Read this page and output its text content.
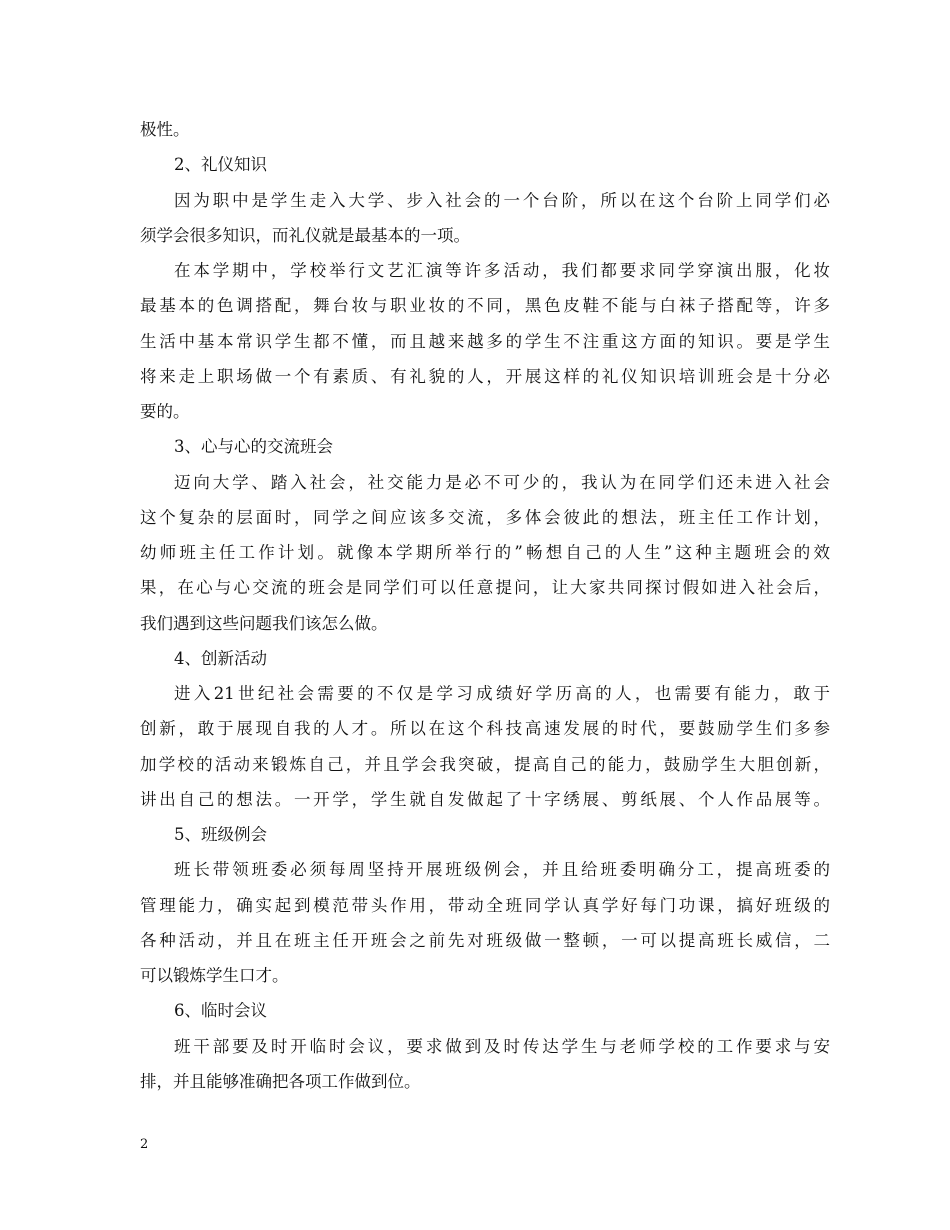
极性。
2、礼仪知识
因为职中是学生走入大学、步入社会的一个台阶，所以在这个台阶上同学们必
须学会很多知识，而礼仪就是最基本的一项。
在本学期中，学校举行文艺汇演等许多活动，我们都要求同学穿演出服，化妆
最基本的色调搭配，舞台妆与职业妆的不同，黑色皮鞋不能与白袜子搭配等，许多
生活中基本常识学生都不懂，而且越来越多的学生不注重这方面的知识。要是学生
将来走上职场做一个有素质、有礼貌的人，开展这样的礼仪知识培训班会是十分必
要的。
3、心与心的交流班会
迈向大学、踏入社会，社交能力是必不可少的，我认为在同学们还未进入社会
这个复杂的层面时，同学之间应该多交流，多体会彼此的想法，班主任工作计划，
幼师班主任工作计划。就像本学期所举行的”畅想自己的人生”这种主题班会的效
果，在心与心交流的班会是同学们可以任意提问，让大家共同探讨假如进入社会后，
我们遇到这些问题我们该怎么做。
4、创新活动
进入21世纪社会需要的不仅是学习成绩好学历高的人，也需要有能力，敢于
创新，敢于展现自我的人才。所以在这个科技高速发展的时代，要鼓励学生们多参
加学校的活动来锻炼自己，并且学会我突破，提高自己的能力，鼓励学生大胆创新，
讲出自己的想法。一开学，学生就自发做起了十字绣展、剪纸展、个人作品展等。
5、班级例会
班长带领班委必须每周坚持开展班级例会，并且给班委明确分工，提高班委的
管理能力，确实起到模范带头作用，带动全班同学认真学好每门功课，搞好班级的
各种活动，并且在班主任开班会之前先对班级做一整顿，一可以提高班长威信，二
可以锻炼学生口才。
6、临时会议
班干部要及时开临时会议，要求做到及时传达学生与老师学校的工作要求与安
排，并且能够准确把各项工作做到位。
2
